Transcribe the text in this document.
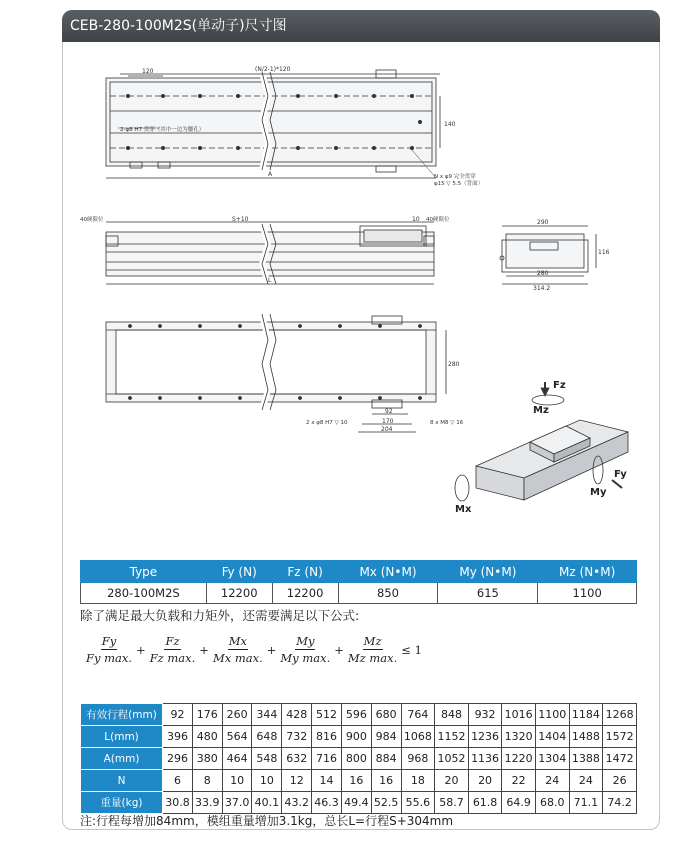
CEB-280-100M2S(单动子)尺寸图
120	(N/2-1)*120
140
A
2-φ8 H7 贯穿（其中一边为腰孔）
N x φ9 完全贯穿
φ15 ▽ 5.5（背面）
40硬限位	S+10	10 40硬限位
L
290
116
280
314.2
280
92
170
204
2 x φ8 H7 ▽ 10	8 x M8 ▽ 16
Fz
Mz
Fy
My
Mx
Type	Fy (N)	Fz (N)	Mx (N•M)	My (N•M)	Mz (N•M)
280-100M2S	12200	12200	850	615	1100
除了满足最大负载和力矩外，还需要满足以下公式:
$\frac{Fy}{\text{Fy max.}} + \frac{Fz}{\text{Fz max.}} + \frac{Mx}{\text{Mx max.}} + \frac{My}{\text{My max.}} + \frac{Mz}{\text{Mz max.}} \le 1$
有效行程(mm)	92	176	260	344	428	512	596	680	764	848	932	1016	1100	1184	1268
L(mm)	396	480	564	648	732	816	900	984	1068	1152	1236	1320	1404	1488	1572
A(mm)	296	380	464	548	632	716	800	884	968	1052	1136	1220	1304	1388	1472
N	6	8	10	10	12	14	16	16	18	20	20	22	24	24	26
重量(kg)	30.8	33.9	37.0	40.1	43.2	46.3	49.4	52.5	55.6	58.7	61.8	64.9	68.0	71.1	74.2
注:行程每增加84mm，模组重量增加3.1kg，总长L=行程S+304mm
